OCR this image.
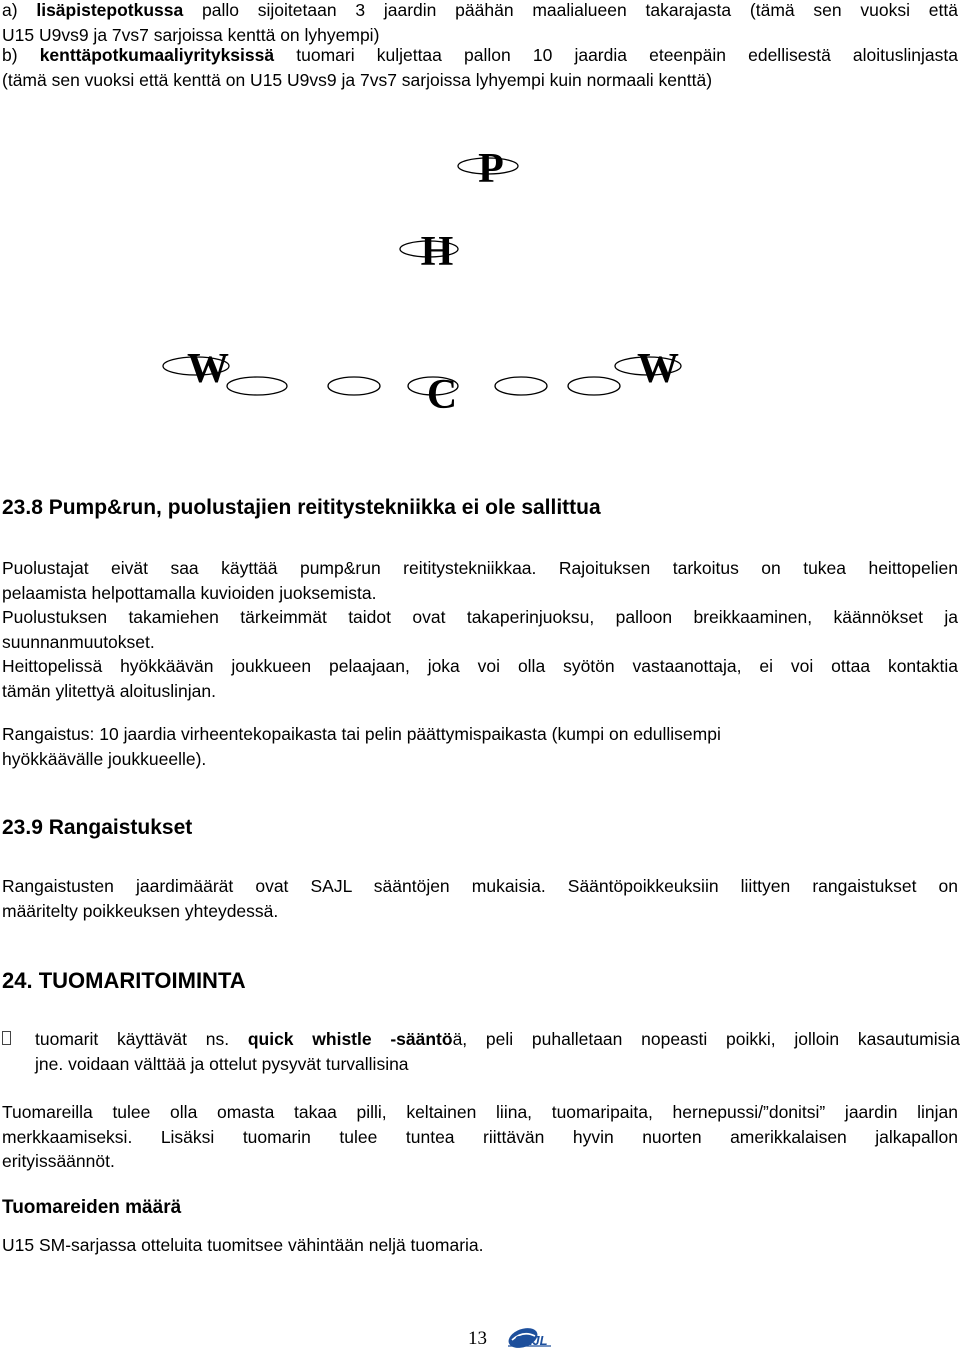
a) lisäpistepotkussa pallo sijoitetaan 3 jaardin päähän maalialueen takarajasta (tämä sen vuoksi että
U15 U9vs9 ja 7vs7 sarjoissa kenttä on lyhyempi)
b) kenttäpotkumaaliyrityksissä tuomari kuljettaa pallon 10 jaardia eteenpäin edellisestä aloituslinjasta
(tämä sen vuoksi että kenttä on U15 U9vs9 ja 7vs7 sarjoissa lyhyempi kuin normaali kenttä)
P
H
W
C
W
23.8 Pump&run, puolustajien reititystekniikka ei ole sallittua
Puolustajat eivät saa käyttää pump&run reititystekniikkaa. Rajoituksen tarkoitus on tukea heittopelien
pelaamista helpottamalla kuvioiden juoksemista.
Puolustuksen takamiehen tärkeimmät taidot ovat takaperinjuoksu, palloon breikkaaminen, käännökset ja
suunnanmuutokset.
Heittopelissä hyökkäävän joukkueen pelaajaan, joka voi olla syötön vastaanottaja, ei voi ottaa kontaktia
tämän ylitettyä aloituslinjan.
Rangaistus: 10 jaardia virheentekopaikasta tai pelin päättymispaikasta (kumpi on edullisempi
hyökkäävälle joukkueelle).
23.9 Rangaistukset
Rangaistusten jaardimäärät ovat SAJL sääntöjen mukaisia. Sääntöpoikkeuksiin liittyen rangaistukset on
määritelty poikkeuksen yhteydessä.
24. TUOMARITOIMINTA
tuomarit käyttävät ns. quick whistle -sääntöä, peli puhalletaan nopeasti poikki, jolloin kasautumisia
jne. voidaan välttää ja ottelut pysyvät turvallisina
Tuomareilla tulee olla omasta takaa pilli, keltainen liina, tuomaripaita, hernepussi/”donitsi” jaardin linjan
merkkaamiseksi. Lisäksi tuomarin tulee tuntea riittävän hyvin nuorten amerikkalaisen jalkapallon
erityissäännöt.
Tuomareiden määrä
U15 SM-sarjassa otteluita tuomitsee vähintään neljä tuomaria.
13 SAJL
